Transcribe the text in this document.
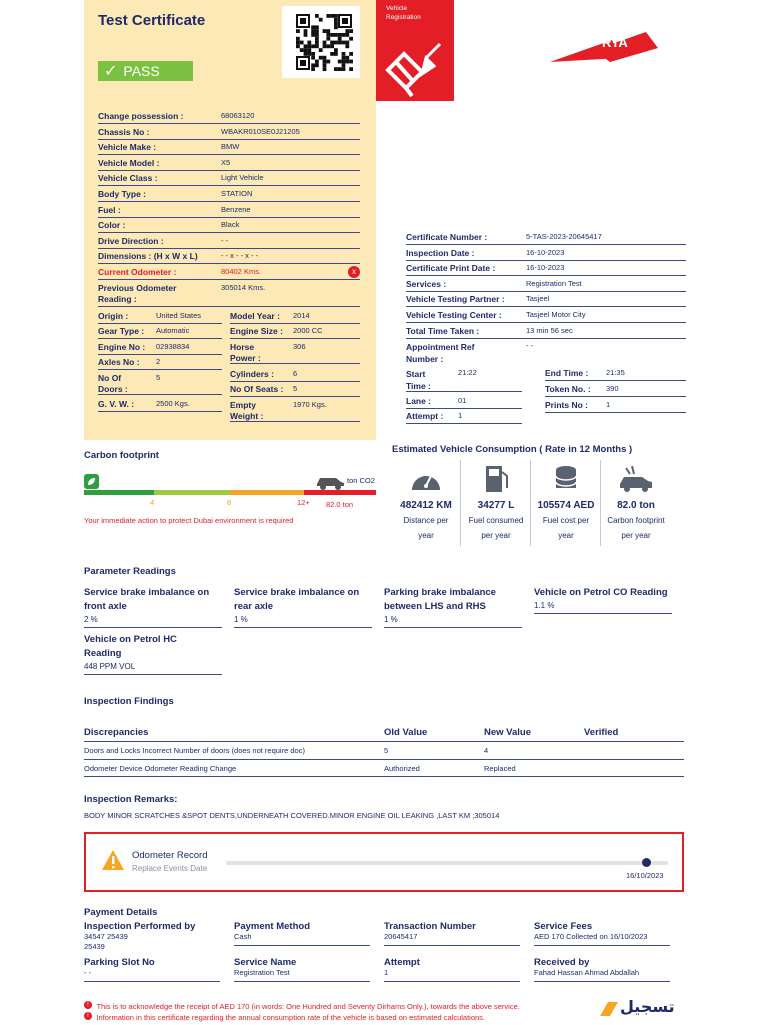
Test Certificate
✓ PASS
Vehicle Registration
RTA
Change possession :	68063120
Chassis No :	WBAKR010SE0J21205
Vehicle Make :	BMW
Vehicle Model :	X5
Vehicle Class :	Light Vehicle
Body Type :	STATION
Fuel :	Benzene
Color :	Black
Drive Direction :	- -
Dimensions : (H x W x L)	- - x - - x - -
Current Odometer :	80402 Kms.	x
Previous Odometer Reading :
305014 Kms.
Origin :	United States	Model Year : 2014
Gear Type : Automatic	Engine Size : 2000 CC
Engine No : 02938834	Horse Power :
306
Axles No : 2
Cylinders :	6
No Of Doors :
5
No Of Seats : 5
G. V. W. :	2500 Kgs.	Empty Weight :
1970 Kgs.
Certificate Number :	5-TAS-2023-20645417
Inspection Date :	16-10-2023
Certificate Print Date :	16-10-2023
Services :	Registration Test
Vehicle Testing Partner :	Tasjeel
Vehicle Testing Center :	Tasjeel Motor City
Total Time Taken :	13 min 56 sec
Appointment Ref Number :
- -
Start Time :
21:22	End Time : 21:35
Token No. : 390
Lane :	01	Prints No : 1
Attempt : 1
Carbon footprint
ton CO2
4	8	12+ 82.0 ton
Your immediate action to protect Dubai environment is required
Estimated Vehicle Consumption ( Rate in 12 Months )
482412 KM
Distance per
year
34277 L
Fuel consumed
per year
105574 AED
Fuel cost per
year
82.0 ton
Carbon footprint
per year
Parameter Readings
Service brake imbalance on front axle
2 %
Service brake imbalance on rear axle
1 %
Parking brake imbalance between LHS and RHS
1 %
Vehicle on Petrol CO Reading
1.1 %
Vehicle on Petrol HC Reading
448 PPM VOL
Inspection Findings
Discrepancies	Old Value	New Value	Verified
Doors and Locks Incorrect Number of doors (does not require doc)	5	4
Odometer Device Odometer Reading Change	Authorized	Replaced
Inspection Remarks:
BODY MINOR SCRATCHES &SPOT DENTS,UNDERNEATH COVERED.MINOR ENGINE OIL LEAKING ,LAST KM ;305014
Odometer Record
Replace Events Date
16/10/2023
Payment Details
Inspection Performed by
34547 25439
25439
Payment Method
Cash
Transaction Number
20645417
Service Fees
AED 170 Collected on 16/10/2023
Parking Slot No
- -
Service Name
Registration Test
Attempt
1
Received by
Fahad Hassan Ahmad Abdallah
! This is to acknowledge the receipt of AED 170 (in words: One Hundred and Seventy Dirhams Only.), towards the above service.
! Information in this certificate regarding the annual consumption rate of the vehicle is based on estimated calculations.
تسجيل
